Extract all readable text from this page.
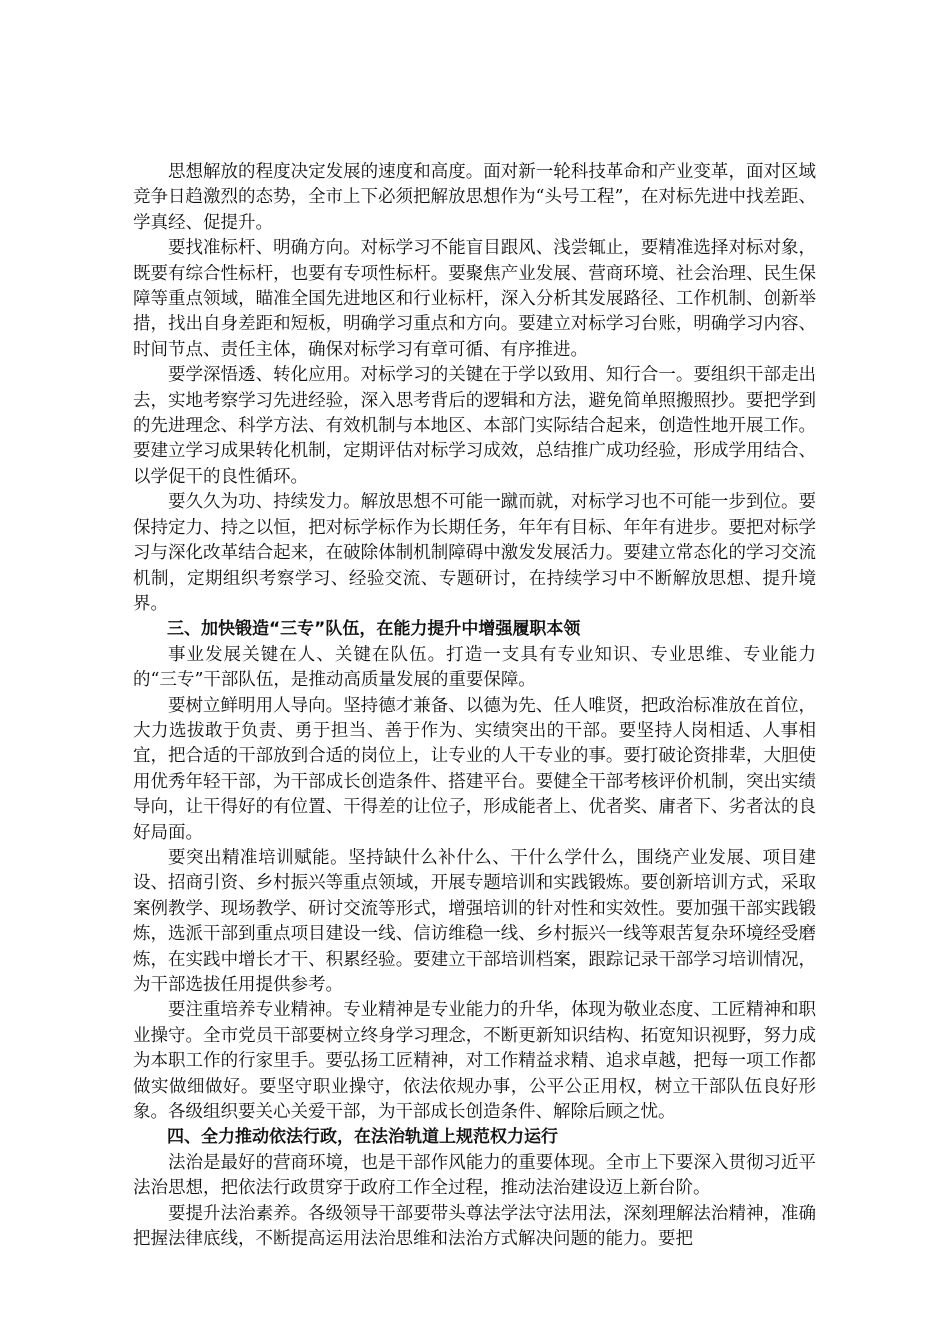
思想解放的程度决定发展的速度和高度。面对新一轮科技革命和产业变革，面对区域竞争日趋激烈的态势，全市上下必须把解放思想作为“头号工程”，在对标先进中找差距、学真经、促提升。

要找准标杆、明确方向。对标学习不能盲目跟风、浅尝辄止，要精准选择对标对象，既要有综合性标杆，也要有专项性标杆。要聚焦产业发展、营商环境、社会治理、民生保障等重点领域，瞄准全国先进地区和行业标杆，深入分析其发展路径、工作机制、创新举措，找出自身差距和短板，明确学习重点和方向。要建立对标学习台账，明确学习内容、时间节点、责任主体，确保对标学习有章可循、有序推进。

要学深悟透、转化应用。对标学习的关键在于学以致用、知行合一。要组织干部走出去，实地考察学习先进经验，深入思考背后的逻辑和方法，避免简单照搬照抄。要把学到的先进理念、科学方法、有效机制与本地区、本部门实际结合起来，创造性地开展工作。要建立学习成果转化机制，定期评估对标学习成效，总结推广成功经验，形成学用结合、以学促干的良性循环。

要久久为功、持续发力。解放思想不可能一蹴而就，对标学习也不可能一步到位。要保持定力、持之以恒，把对标学标作为长期任务，年年有目标、年年有进步。要把对标学习与深化改革结合起来，在破除体制机制障碍中激发发展活力。要建立常态化的学习交流机制，定期组织考察学习、经验交流、专题研讨，在持续学习中不断解放思想、提升境界。

三、加快锻造“三专”队伍，在能力提升中增强履职本领

事业发展关键在人、关键在队伍。打造一支具有专业知识、专业思维、专业能力的“三专”干部队伍，是推动高质量发展的重要保障。

要树立鲜明用人导向。坚持德才兼备、以德为先、任人唯贤，把政治标准放在首位，大力选拔敢于负责、勇于担当、善于作为、实绩突出的干部。要坚持人岗相适、人事相宜，把合适的干部放到合适的岗位上，让专业的人干专业的事。要打破论资排辈，大胆使用优秀年轻干部，为干部成长创造条件、搭建平台。要健全干部考核评价机制，突出实绩导向，让干得好的有位置、干得差的让位子，形成能者上、优者奖、庸者下、劣者汰的良好局面。

要突出精准培训赋能。坚持缺什么补什么、干什么学什么，围绕产业发展、项目建设、招商引资、乡村振兴等重点领域，开展专题培训和实践锻炼。要创新培训方式，采取案例教学、现场教学、研讨交流等形式，增强培训的针对性和实效性。要加强干部实践锻炼，选派干部到重点项目建设一线、信访维稳一线、乡村振兴一线等艰苦复杂环境经受磨炼，在实践中增长才干、积累经验。要建立干部培训档案，跟踪记录干部学习培训情况，为干部选拔任用提供参考。

要注重培养专业精神。专业精神是专业能力的升华，体现为敬业态度、工匠精神和职业操守。全市党员干部要树立终身学习理念，不断更新知识结构、拓宽知识视野，努力成为本职工作的行家里手。要弘扬工匠精神，对工作精益求精、追求卓越，把每一项工作都做实做细做好。要坚守职业操守，依法依规办事，公平公正用权，树立干部队伍良好形象。各级组织要关心关爱干部，为干部成长创造条件、解除后顾之忧。

四、全力推动依法行政，在法治轨道上规范权力运行

法治是最好的营商环境，也是干部作风能力的重要体现。全市上下要深入贯彻习近平法治思想，把依法行政贯穿于政府工作全过程，推动法治建设迈上新台阶。

要提升法治素养。各级领导干部要带头尊法学法守法用法，深刻理解法治精神，准确把握法律底线，不断提高运用法治思维和法治方式解决问题的能力。要把
